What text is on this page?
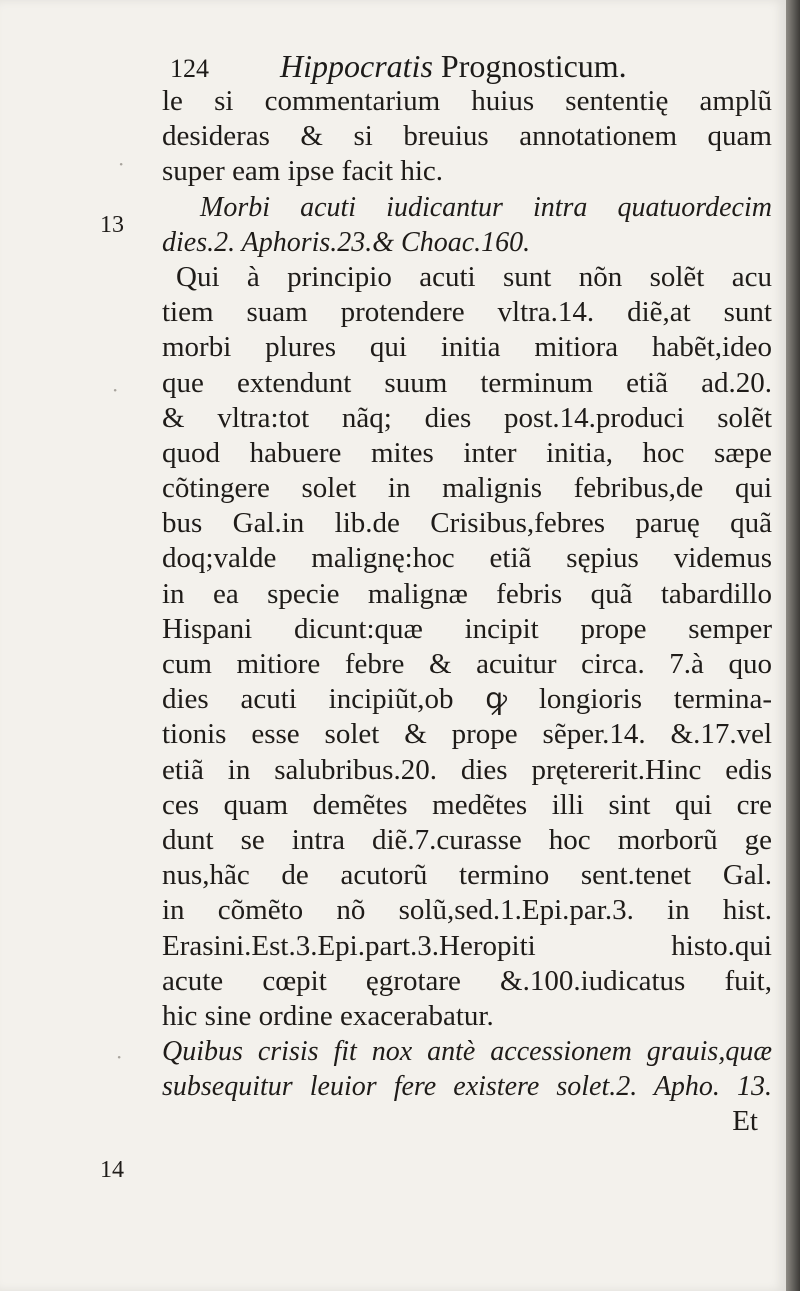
124 Hippocratis Prognosticum.
13
14
·
·
·
le si commentarium huius sententię amplũ
desideras & si breuius annotationem quam
super eam ipse facit hic.
Morbi acuti iudicantur intra quatuordecim
dies.2. Aphoris.23.& Choac.160.
Qui à principio acuti sunt nõn solẽt acu
tiem suam protendere vltra.14. diẽ,at sunt
morbi plures qui initia mitiora habẽt,ideo
que extendunt suum terminum etiã ad.20.
& vltra:tot nãq; dies post.14.produci solẽt
quod habuere mites inter initia, hoc sæpe
cõtingere solet in malignis febribus,de qui
bus Gal.in lib.de Crisibus,febres paruę quã
doq;valde malignę:hoc etiã sępius videmus
in ea specie malignæ febris quã tabardillo
Hispani dicunt:quæ incipit prope semper
cum mitiore febre & acuitur circa. 7.à quo
dies acuti incipiũt,ob ꝙ longioris termina-
tionis esse solet & prope sẽper.14. &.17.vel
etiã in salubribus.20. dies prętererit.Hinc edis
ces quam demẽtes medẽtes illi sint qui cre
dunt se intra diẽ.7.curasse hoc morborũ ge
nus,hãc de acutorũ termino sent.tenet Gal.
in cõmẽto nõ solũ,sed.1.Epi.par.3. in hist.
Erasini.Est.3.Epi.part.3.Heropiti histo.qui
acute cœpit ęgrotare &.100.iudicatus fuit,
hic sine ordine exacerabatur.
Quibus crisis fit nox antè accessionem grauis,quæ
subsequitur leuior fere existere solet.2. Apho. 13.
Et
